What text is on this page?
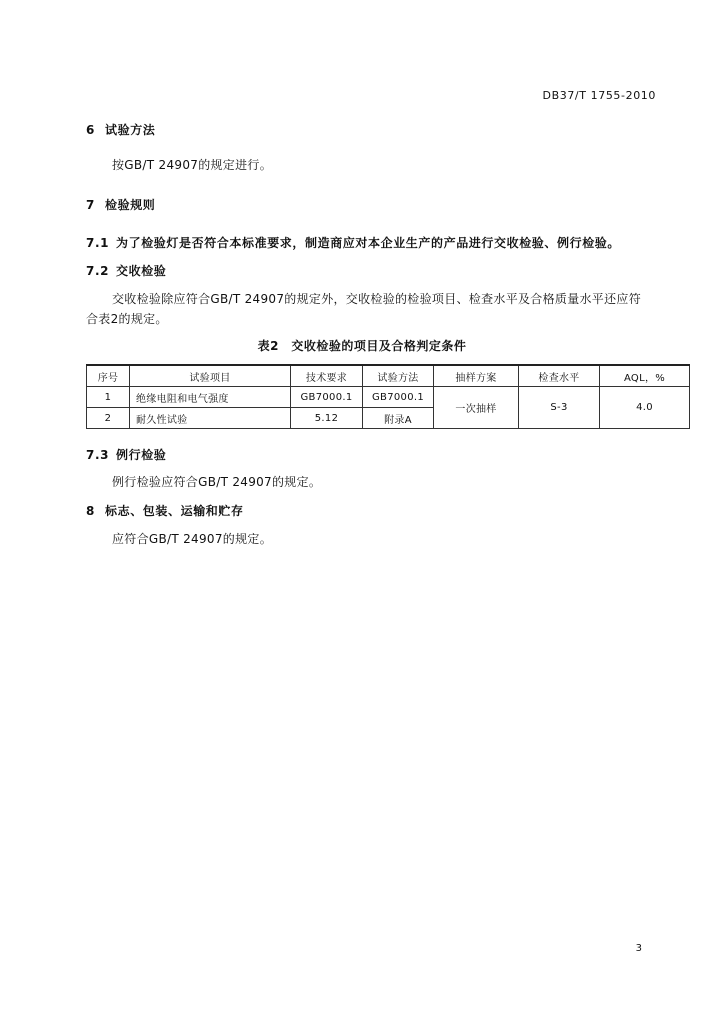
DB37/T 1755-2010
6 试验方法
按GB/T 24907的规定进行。
7 检验规则
7.1 为了检验灯是否符合本标准要求，制造商应对本企业生产的产品进行交收检验、例行检验。
7.2 交收检验
交收检验除应符合GB/T 24907的规定外，交收检验的检验项目、检查水平及合格质量水平还应符
合表2的规定。
表2　交收检验的项目及合格判定条件
序号	试验项目	技术要求	试验方法	抽样方案	检查水平	AQL，%
1	绝缘电阻和电气强度	GB7000.1	GB7000.1	一次抽样	S-3	4.0
2	耐久性试验	5.12	附录A			
7.3 例行检验
例行检验应符合GB/T 24907的规定。
8 标志、包装、运输和贮存
应符合GB/T 24907的规定。
3
